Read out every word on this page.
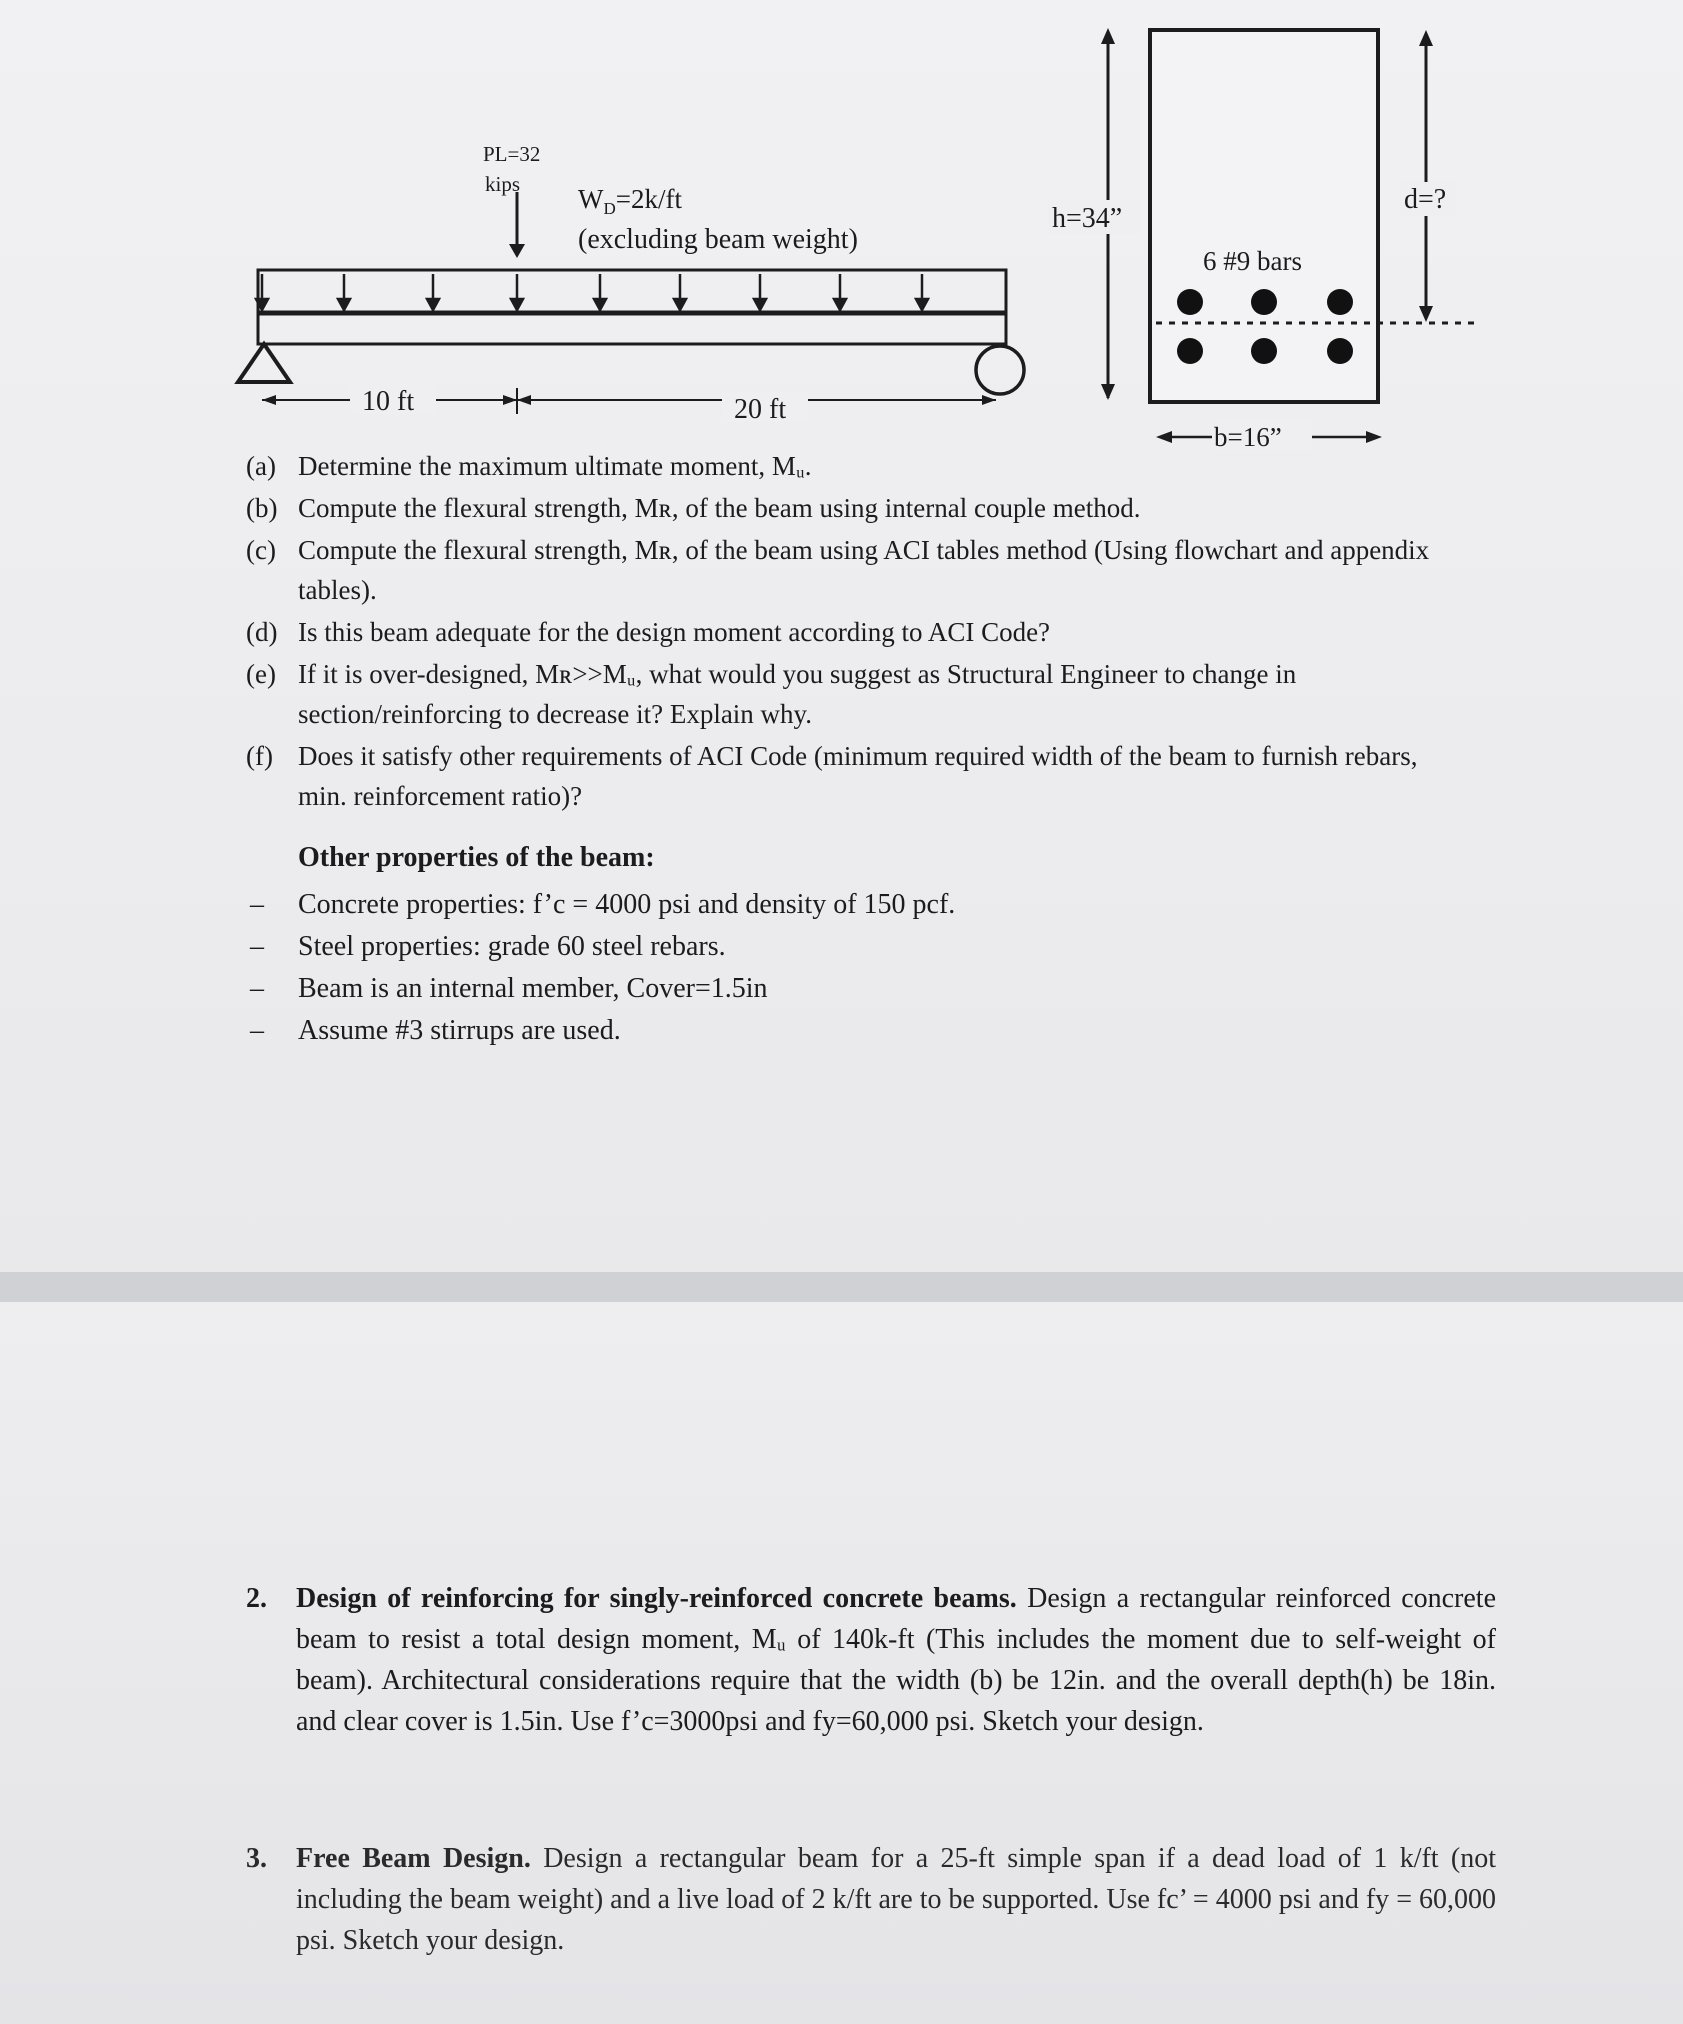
PL=32
kips $W_D=2k/ft$
(excluding beam weight)
10 ft	20 ft
6 #9 bars
h=34”
d=?
b=16”
(a) Determine the maximum ultimate moment, Mᵤ.
(b) Compute the flexural strength, Mʀ, of the beam using internal couple method.
(c) Compute the flexural strength, Mʀ, of the beam using ACI tables method (Using flowchart and appendix tables).
(d) Is this beam adequate for the design moment according to ACI Code?
(e) If it is over-designed, Mʀ>>Mᵤ, what would you suggest as Structural Engineer to change in section/reinforcing to decrease it? Explain why.
(f) Does it satisfy other requirements of ACI Code (minimum required width of the beam to furnish rebars, min. reinforcement ratio)?
Other properties of the beam:
– Concrete properties: f’c = 4000 psi and density of 150 pcf.
– Steel properties: grade 60 steel rebars.
– Beam is an internal member, Cover=1.5in
– Assume #3 stirrups are used.
2. Design of reinforcing for singly-reinforced concrete beams. Design a rectangular reinforced concrete beam to resist a total design moment, Mᵤ of 140k-ft (This includes the moment due to self-weight of beam). Architectural considerations require that the width (b) be 12in. and the overall depth(h) be 18in. and clear cover is 1.5in. Use f’c=3000psi and fy=60,000 psi. Sketch your design.
3. Free Beam Design. Design a rectangular beam for a 25-ft simple span if a dead load of 1 k/ft (not including the beam weight) and a live load of 2 k/ft are to be supported. Use fc’ = 4000 psi and fy = 60,000 psi. Sketch your design.
